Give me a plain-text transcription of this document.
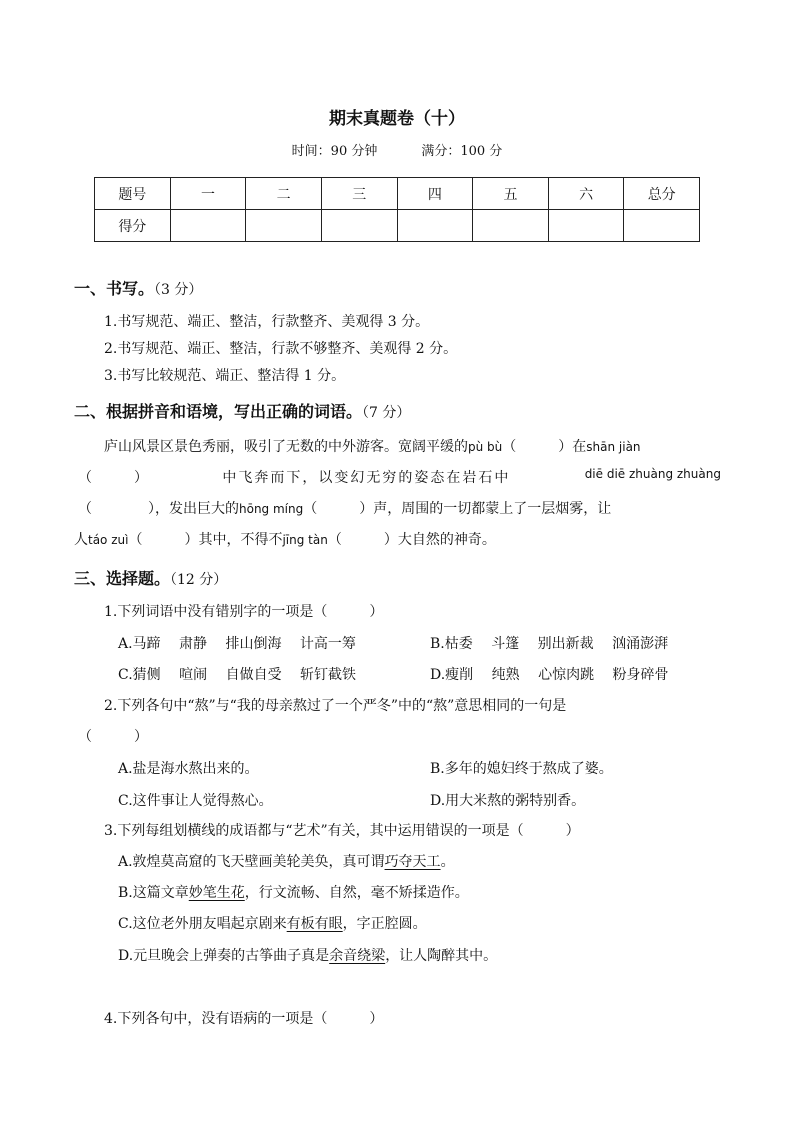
期末真题卷（十）
时间：90 分钟	满分：100 分
题号	一	二	三	四	五	六	总分
得分							
一、书写。（3 分）
1.书写规范、端正、整洁，行款整齐、美观得 3 分。
2.书写规范、端正、整洁，行款不够整齐、美观得 2 分。
3.书写比较规范、端正、整洁得 1 分。
二、根据拼音和语境，写出正确的词语。（7 分）
庐山风景区景色秀丽，吸引了无数的中外游客。宽阔平缓的pù bù（　　　）在shān jiàn
（　　　）	中飞奔而下，以变幻无穷的姿态在岩石中	diē diē zhuàng zhuàng
（　　　　），发出巨大的hōng míng（　　　）声，周围的一切都蒙上了一层烟雾，让
人táo zuì（　　　）其中，不得不jīng tàn（　　　）大自然的神奇。
三、选择题。（12 分）
1.下列词语中没有错别字的一项是（　　　）
A.马蹄　 肃静　 排山倒海　 计高一筹	B.枯委　 斗篷　 别出新裁　 汹涌澎湃
C.猜侧　 喧闹　 自做自受　 斩钉截铁	D.瘦削　 纯熟　 心惊肉跳　 粉身碎骨
2.下列各句中“熬”与“我的母亲熬过了一个严冬”中的“熬”意思相同的一句是
（　　　）
A.盐是海水熬出来的。	B.多年的媳妇终于熬成了婆。
C.这件事让人觉得熬心。	D.用大米熬的粥特别香。
3.下列每组划横线的成语都与“艺术”有关，其中运用错误的一项是（　　　）
A.敦煌莫高窟的飞天壁画美轮美奂，真可谓巧夺天工。
B.这篇文章妙笔生花，行文流畅、自然，毫不矫揉造作。
C.这位老外朋友唱起京剧来有板有眼，字正腔圆。
D.元旦晚会上弹奏的古筝曲子真是余音绕梁，让人陶醉其中。
4.下列各句中，没有语病的一项是（　　　）
